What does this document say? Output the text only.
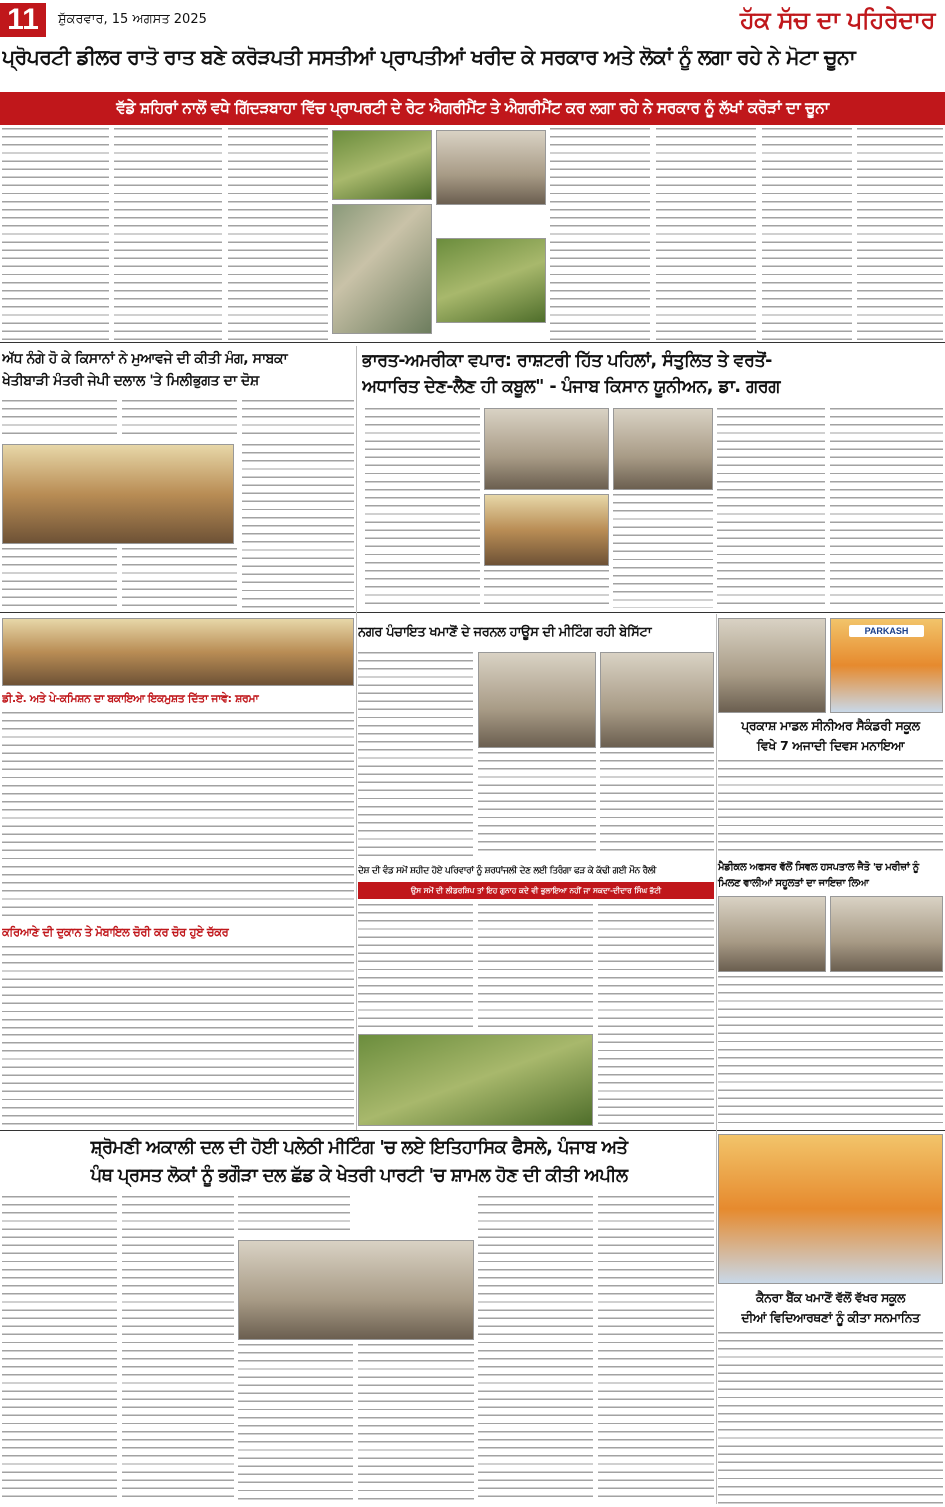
11	ਸ਼ੁੱਕਰਵਾਰ, 15 ਅਗਸਤ 2025	ਹੱਕ ਸੱਚ ਦਾ ਪਹਿਰੇਦਾਰ
ਪ੍ਰੋਪਰਟੀ ਡੀਲਰ ਰਾਤੋ ਰਾਤ ਬਣੇ ਕਰੋੜਪਤੀ ਸਸਤੀਆਂ ਪ੍ਰਾਪਤੀਆਂ ਖਰੀਦ ਕੇ ਸਰਕਾਰ ਅਤੇ ਲੋਕਾਂ ਨੂੰ ਲਗਾ ਰਹੇ ਨੇ ਮੋਟਾ ਚੂਨਾ
ਵੱਡੇ ਸ਼ਹਿਰਾਂ ਨਾਲੋਂ ਵਧੇ ਗਿੱਦੜਬਾਹਾ ਵਿੱਚ ਪ੍ਰਾਪਰਟੀ ਦੇ ਰੇਟ ਐਗਰੀਮੈਂਟ ਤੇ ਐਗਰੀਮੈਂਟ ਕਰ ਲਗਾ ਰਹੇ ਨੇ ਸਰਕਾਰ ਨੂੰ ਲੱਖਾਂ ਕਰੋੜਾਂ ਦਾ ਚੂਨਾ
ਅੱਧ ਨੰਗੇ ਹੋ ਕੇ ਕਿਸਾਨਾਂ ਨੇ ਮੁਆਵਜੇ ਦੀ ਕੀਤੀ ਮੰਗ, ਸਾਬਕਾ
ਖੇਤੀਬਾੜੀ ਮੰਤਰੀ ਜੇਪੀ ਦਲਾਲ 'ਤੇ ਮਿਲੀਭੁਗਤ ਦਾ ਦੋਸ਼
ਭਾਰਤ-ਅਮਰੀਕਾ ਵਪਾਰ: ਰਾਸ਼ਟਰੀ ਹਿੱਤ ਪਹਿਲਾਂ, ਸੰਤੁਲਿਤ ਤੇ ਵਰਤੋਂ-
ਅਧਾਰਿਤ ਦੇਣ-ਲੈਣ ਹੀ ਕਬੂਲ" - ਪੰਜਾਬ ਕਿਸਾਨ ਯੂਨੀਅਨ, ਡਾ. ਗਰਗ
ਡੀ.ਏ. ਅਤੇ ਪੇ-ਕਮਿਸ਼ਨ ਦਾ ਬਕਾਇਆ ਇਕਮੁਸ਼ਤ ਦਿੱਤਾ ਜਾਵੇ: ਸ਼ਰਮਾ
ਕਰਿਆਣੇ ਦੀ ਦੁਕਾਨ ਤੇ ਮੋਬਾਇਲ ਚੋਰੀ ਕਰ ਚੋਰ ਹੁਏ ਚੱਕਰ
ਨਗਰ ਪੰਚਾਇਤ ਖਮਾਣੋਂ ਦੇ ਜਰਨਲ ਹਾਊਸ ਦੀ ਮੀਟਿੰਗ ਰਹੀ ਬੇਸਿੱਟਾ
ਦੇਸ਼ ਦੀ ਵੰਡ ਸਮੇਂ ਸ਼ਹੀਦ ਹੋਏ ਪਰਿਵਾਰਾਂ ਨੂੰ ਸ਼ਰਧਾਂਜਲੀ ਦੇਣ ਲਈ ਤਿਰੰਗਾ ਫੜ ਕੇ ਕੱਢੀ ਗਈ ਮੌਨ ਰੈਲੀ
ਉਸ ਸਮੇਂ ਦੀ ਲੀਡਰਸ਼ਿਪ ਤਾਂ ਇਹ ਗੁਨਾਹ ਕਦੇ ਵੀ ਭੁਲਾਇਆ ਨਹੀਂ ਜਾ ਸਕਦਾ-ਦੀਦਾਰ ਸਿੰਘ ਭੱਟੀ
PARKASH
ਪ੍ਰਕਾਸ਼ ਮਾਡਲ ਸੀਨੀਅਰ ਸੈਕੰਡਰੀ ਸਕੂਲ
ਵਿਖੇ 7 ਅਜਾਦੀ ਦਿਵਸ ਮਨਾਇਆ
ਮੈਡੀਕਲ ਅਫਸਰ ਵੱਲੋਂ ਸਿਵਲ ਹਸਪਤਾਲ ਜੈਤੋ 'ਚ ਮਰੀਜ਼ਾਂ ਨੂੰ ਮਿਲਣ ਵਾਲੀਆਂ ਸਹੂਲਤਾਂ ਦਾ ਜਾਇਜ਼ਾ ਲਿਆ
ਸ਼੍ਰੋਮਣੀ ਅਕਾਲੀ ਦਲ ਦੀ ਹੋਈ ਪਲੇਠੀ ਮੀਟਿੰਗ 'ਚ ਲਏ ਇਤਿਹਾਸਿਕ ਫੈਸਲੇ, ਪੰਜਾਬ ਅਤੇ
ਪੰਥ ਪ੍ਰਸਤ ਲੋਕਾਂ ਨੂੰ ਭਗੌੜਾ ਦਲ ਛੱਡ ਕੇ ਖੇਤਰੀ ਪਾਰਟੀ 'ਚ ਸ਼ਾਮਲ ਹੋਣ ਦੀ ਕੀਤੀ ਅਪੀਲ
ਕੈਨਰਾ ਬੈਂਕ ਖਮਾਣੋਂ ਵੱਲੋਂ ਵੱਖਰ ਸਕੂਲ
ਦੀਆਂ ਵਿਦਿਆਰਥਣਾਂ ਨੂੰ ਕੀਤਾ ਸਨਮਾਨਿਤ
